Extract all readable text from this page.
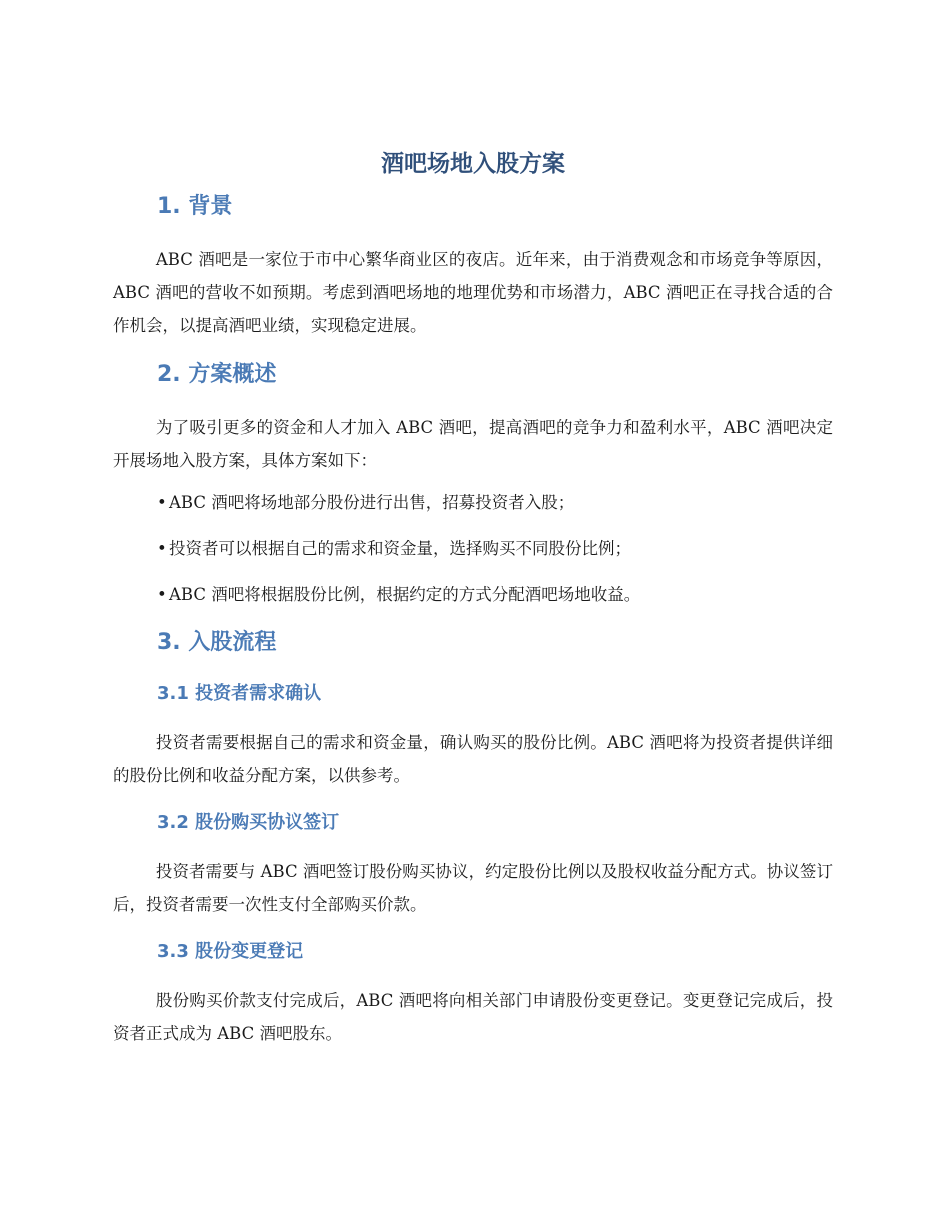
酒吧场地入股方案
1. 背景

ABC 酒吧是一家位于市中心繁华商业区的夜店。近年来，由于消费观念和市场竞争等原因，ABC 酒吧的营收不如预期。考虑到酒吧场地的地理优势和市场潜力，ABC 酒吧正在寻找合适的合作机会，以提高酒吧业绩，实现稳定进展。

2. 方案概述

为了吸引更多的资金和人才加入 ABC 酒吧，提高酒吧的竞争力和盈利水平，ABC 酒吧决定开展场地入股方案，具体方案如下：

• ABC 酒吧将场地部分股份进行出售，招募投资者入股；

• 投资者可以根据自己的需求和资金量，选择购买不同股份比例；

• ABC 酒吧将根据股份比例，根据约定的方式分配酒吧场地收益。

3. 入股流程
3.1 投资者需求确认

投资者需要根据自己的需求和资金量，确认购买的股份比例。ABC 酒吧将为投资者提供详细的股份比例和收益分配方案，以供参考。

3.2 股份购买协议签订

投资者需要与 ABC 酒吧签订股份购买协议，约定股份比例以及股权收益分配方式。协议签订后，投资者需要一次性支付全部购买价款。

3.3 股份变更登记

股份购买价款支付完成后，ABC 酒吧将向相关部门申请股份变更登记。变更登记完成后，投资者正式成为 ABC 酒吧股东。
